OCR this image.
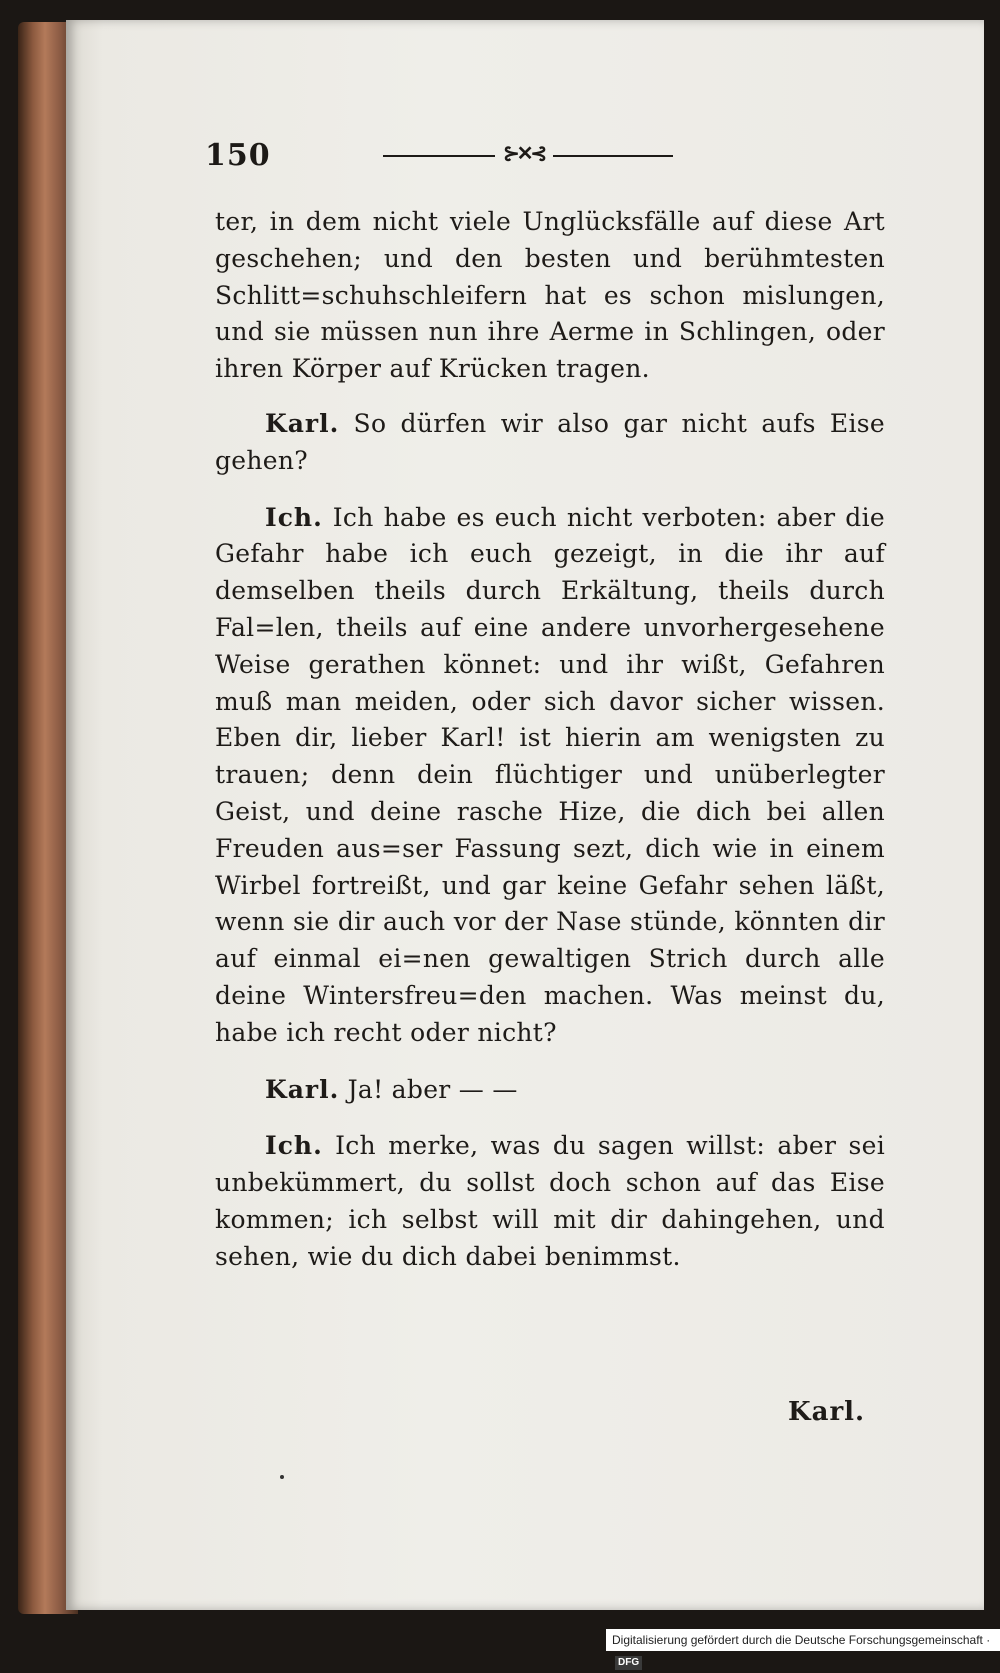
150	⊱✕⊰

ter, in dem nicht viele Unglücksfälle auf diese Art geschehen; und den besten und berühmtesten Schlitt=schuhschleifern hat es schon mislungen, und sie müssen nun ihre Aerme in Schlingen, oder ihren Körper auf Krücken tragen.

Karl. So dürfen wir also gar nicht aufs Eise gehen?

Ich. Ich habe es euch nicht verboten: aber die Gefahr habe ich euch gezeigt, in die ihr auf demselben theils durch Erkältung, theils durch Fal=len, theils auf eine andere unvorhergesehene Weise gerathen könnet: und ihr wißt, Gefahren muß man meiden, oder sich davor sicher wissen. Eben dir, lieber Karl! ist hierin am wenigsten zu trauen; denn dein flüchtiger und unüberlegter Geist, und deine rasche Hize, die dich bei allen Freuden aus=ser Fassung sezt, dich wie in einem Wirbel fortreißt, und gar keine Gefahr sehen läßt, wenn sie dir auch vor der Nase stünde, könnten dir auf einmal ei=nen gewaltigen Strich durch alle deine Wintersfreu=den machen. Was meinst du, habe ich recht oder nicht?

Karl. Ja! aber — —

Ich. Ich merke, was du sagen willst: aber sei unbekümmert, du sollst doch schon auf das Eise kommen; ich selbst will mit dir dahingehen, und sehen, wie du dich dabei benimmst.

Karl.
Digitalisierung gefördert durch die Deutsche Forschungsgemeinschaft · DFG
